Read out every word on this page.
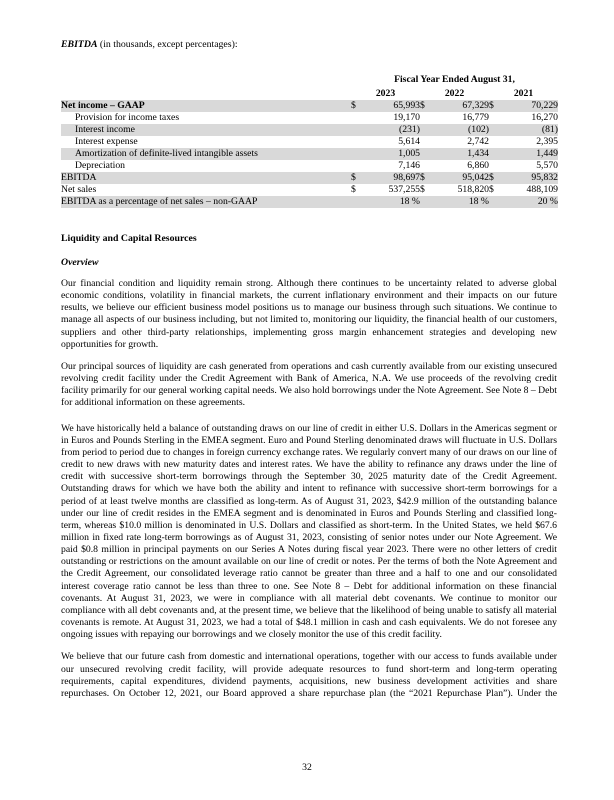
EBITDA (in thousands, except percentages):

	Fiscal Year Ended August 31,					
	2023		2022		2021	
Net income – GAAP	$	65,993	$	67,329	$	70,229
Provision for income taxes		19,170		16,779		16,270
Interest income		(231)		(102)		(81)
Interest expense		5,614		2,742		2,395
Amortization of definite-lived intangible assets		1,005		1,434		1,449
Depreciation		7,146		6,860		5,570
EBITDA	$	98,697	$	95,042	$	95,832
Net sales	$	537,255	$	518,820	$	488,109
EBITDA as a percentage of net sales – non-GAAP		18 %		18 %		20 %
Liquidity and Capital Resources
Overview

Our financial condition and liquidity remain strong. Although there continues to be uncertainty related to adverse global economic conditions, volatility in financial markets, the current inflationary environment and their impacts on our future results, we believe our efficient business model positions us to manage our business through such situations. We continue to manage all aspects of our business including, but not limited to, monitoring our liquidity, the financial health of our customers, suppliers and other third-party relationships, implementing gross margin enhancement strategies and developing new opportunities for growth.

Our principal sources of liquidity are cash generated from operations and cash currently available from our existing unsecured revolving credit facility under the Credit Agreement with Bank of America, N.A. We use proceeds of the revolving credit facility primarily for our general working capital needs. We also hold borrowings under the Note Agreement. See Note 8 – Debt for additional information on these agreements.

We have historically held a balance of outstanding draws on our line of credit in either U.S. Dollars in the Americas segment or in Euros and Pounds Sterling in the EMEA segment. Euro and Pound Sterling denominated draws will fluctuate in U.S. Dollars from period to period due to changes in foreign currency exchange rates. We regularly convert many of our draws on our line of credit to new draws with new maturity dates and interest rates. We have the ability to refinance any draws under the line of credit with successive short-term borrowings through the September 30, 2025 maturity date of the Credit Agreement. Outstanding draws for which we have both the ability and intent to refinance with successive short-term borrowings for a period of at least twelve months are classified as long-term. As of August 31, 2023, $42.9 million of the outstanding balance under our line of credit resides in the EMEA segment and is denominated in Euros and Pounds Sterling and classified long-term, whereas $10.0 million is denominated in U.S. Dollars and classified as short-term. In the United States, we held $67.6 million in fixed rate long-term borrowings as of August 31, 2023, consisting of senior notes under our Note Agreement. We paid $0.8 million in principal payments on our Series A Notes during fiscal year 2023. There were no other letters of credit outstanding or restrictions on the amount available on our line of credit or notes. Per the terms of both the Note Agreement and the Credit Agreement, our consolidated leverage ratio cannot be greater than three and a half to one and our consolidated interest coverage ratio cannot be less than three to one. See Note 8 – Debt for additional information on these financial covenants. At August 31, 2023, we were in compliance with all material debt covenants. We continue to monitor our compliance with all debt covenants and, at the present time, we believe that the likelihood of being unable to satisfy all material covenants is remote. At August 31, 2023, we had a total of $48.1 million in cash and cash equivalents. We do not foresee any ongoing issues with repaying our borrowings and we closely monitor the use of this credit facility.

We believe that our future cash from domestic and international operations, together with our access to funds available under our unsecured revolving credit facility, will provide adequate resources to fund short-term and long-term operating requirements, capital expenditures, dividend payments, acquisitions, new business development activities and share repurchases. On October 12, 2021, our Board approved a share repurchase plan (the “2021 Repurchase Plan”). Under the

32
